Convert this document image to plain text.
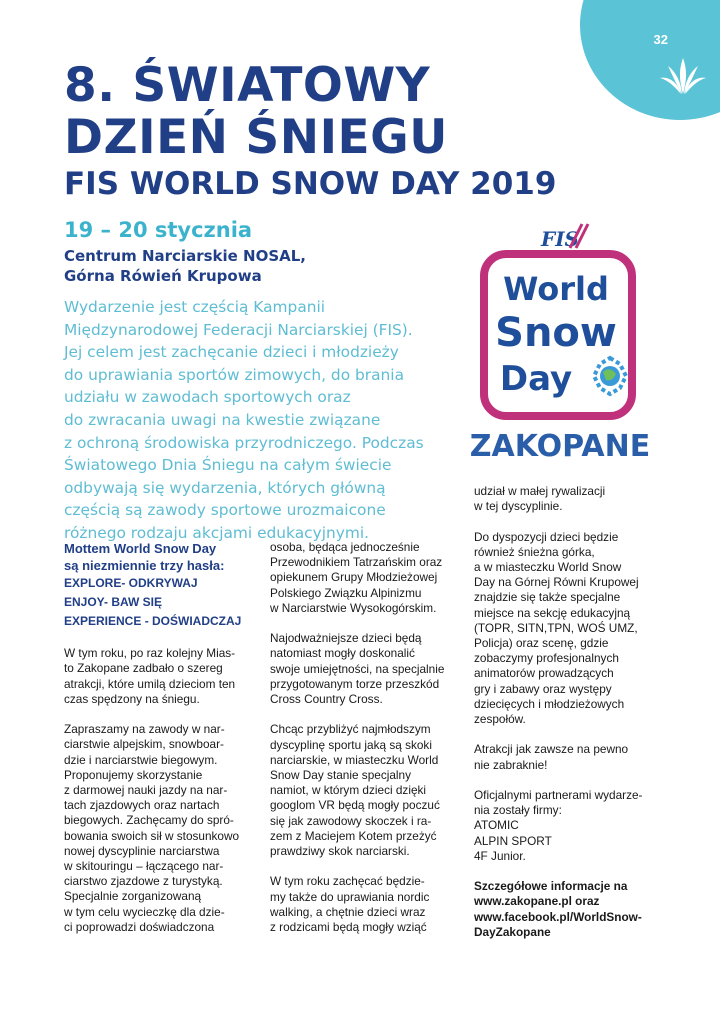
32
8. ŚWIATOWY
DZIEŃ ŚNIEGU
FIS WORLD SNOW DAY 2019
19 – 20 stycznia
Centrum Narciarskie NOSAL,
Górna Rówień Krupowa
Wydarzenie jest częścią Kampanii
Międzynarodowej Federacji Narciarskiej (FIS).
Jej celem jest zachęcanie dzieci i młodzieży
do uprawiania sportów zimowych, do brania
udziału w zawodach sportowych oraz
do zwracania uwagi na kwestie związane
z ochroną środowiska przyrodniczego. Podczas
Światowego Dnia Śniegu na całym świecie
odbywają się wydarzenia, których główną
częścią są zawody sportowe urozmaicone
różnego rodzaju akcjami edukacyjnymi.
FIS
World
Snow
Day
ZAKOPANE
Mottem World Snow Day
są niezmiennie trzy hasła:
EXPLORE- ODKRYWAJ
ENJOY- BAW SIĘ
EXPERIENCE - DOŚWIADCZAJ
W tym roku, po raz kolejny Mias-
to Zakopane zadbało o szereg
atrakcji, które umilą dzieciom ten
czas spędzony na śniegu.
Zapraszamy na zawody w nar-
ciarstwie alpejskim, snowboar-
dzie i narciarstwie biegowym.
Proponujemy skorzystanie
z darmowej nauki jazdy na nar-
tach zjazdowych oraz nartach
biegowych. Zachęcamy do spró-
bowania swoich sił w stosunkowo
nowej dyscyplinie narciarstwa
w skitouringu – łączącego nar-
ciarstwo zjazdowe z turystyką.
Specjalnie zorganizowaną
w tym celu wycieczkę dla dzie-
ci poprowadzi doświadczona
osoba, będąca jednocześnie
Przewodnikiem Tatrzańskim oraz
opiekunem Grupy Młodzieżowej
Polskiego Związku Alpinizmu
w Narciarstwie Wysokogórskim.
Najodważniejsze dzieci będą
natomiast mogły doskonalić
swoje umiejętności, na specjalnie
przygotowanym torze przeszkód
Cross Country Cross.
Chcąc przybliżyć najmłodszym
dyscyplinę sportu jaką są skoki
narciarskie, w miasteczku World
Snow Day stanie specjalny
namiot, w którym dzieci dzięki
googlom VR będą mogły poczuć
się jak zawodowy skoczek i ra-
zem z Maciejem Kotem przeżyć
prawdziwy skok narciarski.
W tym roku zachęcać będzie-
my także do uprawiania nordic
walking, a chętnie dzieci wraz
z rodzicami będą mogły wziąć
udział w małej rywalizacji
w tej dyscyplinie.
Do dyspozycji dzieci będzie
również śnieżna górka,
a w miasteczku World Snow
Day na Górnej Równi Krupowej
znajdzie się także specjalne
miejsce na sekcję edukacyjną
(TOPR, SITN,TPN, WOŚ UMZ,
Policja) oraz scenę, gdzie
zobaczymy profesjonalnych
animatorów prowadzących
gry i zabawy oraz występy
dziecięcych i młodzieżowych
zespołów.
Atrakcji jak zawsze na pewno
nie zabraknie!
Oficjalnymi partnerami wydarze-
nia zostały firmy:
ATOMIC
ALPIN SPORT
4F Junior.
Szczegółowe informacje na
www.zakopane.pl oraz
www.facebook.pl/WorldSnow-
DayZakopane
